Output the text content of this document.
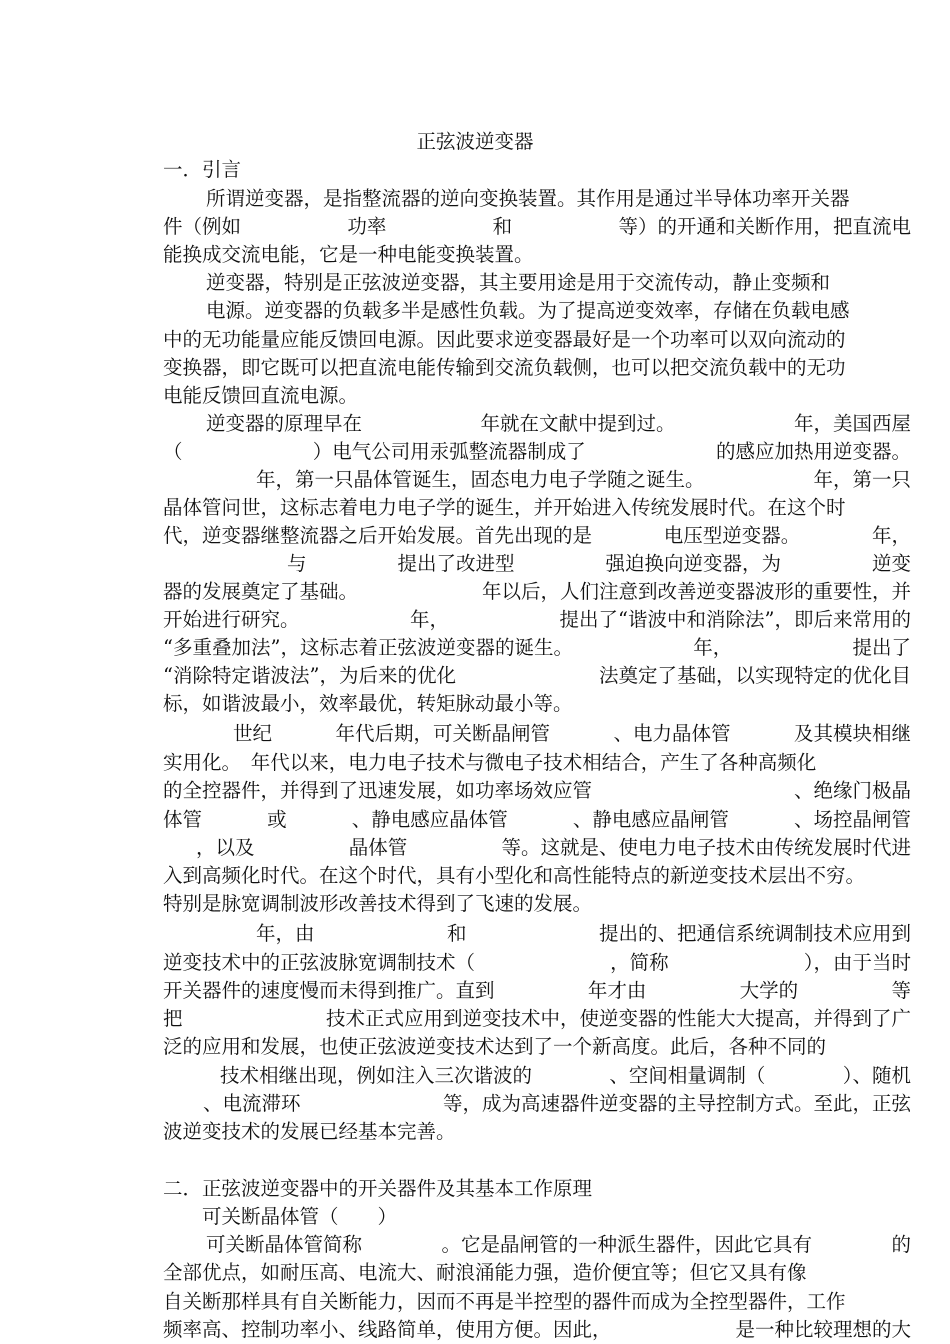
正弦波逆变器
一．引言
所谓逆变器，是指整流器的逆向变换装置。其作用是通过半导体功率开关器
件（例如	功率	和	等）的开通和关断作用，把直流电
能换成交流电能，它是一种电能变换装置。
逆变器，特别是正弦波逆变器，其主要用途是用于交流传动，静止变频和
电源。逆变器的负载多半是感性负载。为了提高逆变效率，存储在负载电感
中的无功能量应能反馈回电源。因此要求逆变器最好是一个功率可以双向流动的
变换器，即它既可以把直流电能传输到交流负载侧，也可以把交流负载中的无功
电能反馈回直流电源。
逆变器的原理早在	年就在文献中提到过。	年，美国西屋
（	）电气公司用汞弧整流器制成了	的感应加热用逆变器。
年，第一只晶体管诞生，固态电力电子学随之诞生。	年，第一只
晶体管问世，这标志着电力电子学的诞生，并开始进入传统发展时代。在这个时
代，逆变器继整流器之后开始发展。首先出现的是	电压型逆变器。	年，
与	提出了改进型	强迫换向逆变器，为	逆变
器的发展奠定了基础。	年以后，人们注意到改善逆变器波形的重要性，并
开始进行研究。	年，	提出了“谐波中和消除法”，即后来常用的
“多重叠加法”，这标志着正弦波逆变器的诞生。	年，	提出了
“消除特定谐波法”，为后来的优化	法奠定了基础，以实现特定的优化目
标，如谐波最小，效率最优，转矩脉动最小等。
世纪	年代后期，可关断晶闸管	、电力晶体管	及其模块相继
实用化。　年代以来，电力电子技术与微电子技术相结合，产生了各种高频化
的全控器件，并得到了迅速发展，如功率场效应管	、绝缘门极晶
体管	或	、静电感应晶体管	、静电感应晶闸管	、场控晶闸管
，以及	晶体管	等。这就是、使电力电子技术由传统发展时代进
入到高频化时代。在这个时代，具有小型化和高性能特点的新逆变技术层出不穷。
特别是脉宽调制波形改善技术得到了飞速的发展。
年，由	和	提出的、把通信系统调制技术应用到
逆变技术中的正弦波脉宽调制技术（	，简称	），由于当时
开关器件的速度慢而未得到推广。直到	年才由	大学的	等
把	技术正式应用到逆变技术中，使逆变器的性能大大提高，并得到了广
泛的应用和发展，也使正弦波逆变技术达到了一个新高度。此后，各种不同的
技术相继出现，例如注入三次谐波的	、空间相量调制（	）、随机
、电流滞环	等，成为高速器件逆变器的主导控制方式。至此，正弦
波逆变技术的发展已经基本完善。
二．正弦波逆变器中的开关器件及其基本工作原理
可关断晶体管（　　）
可关断晶体管简称	。它是晶闸管的一种派生器件，因此它具有	的
全部优点，如耐压高、电流大、耐浪涌能力强，造价便宜等；但它又具有像
自关断那样具有自关断能力，因而不再是半控型的器件而成为全控型器件，工作
频率高、控制功率小、线路简单，使用方便。因此，	是一种比较理想的大
